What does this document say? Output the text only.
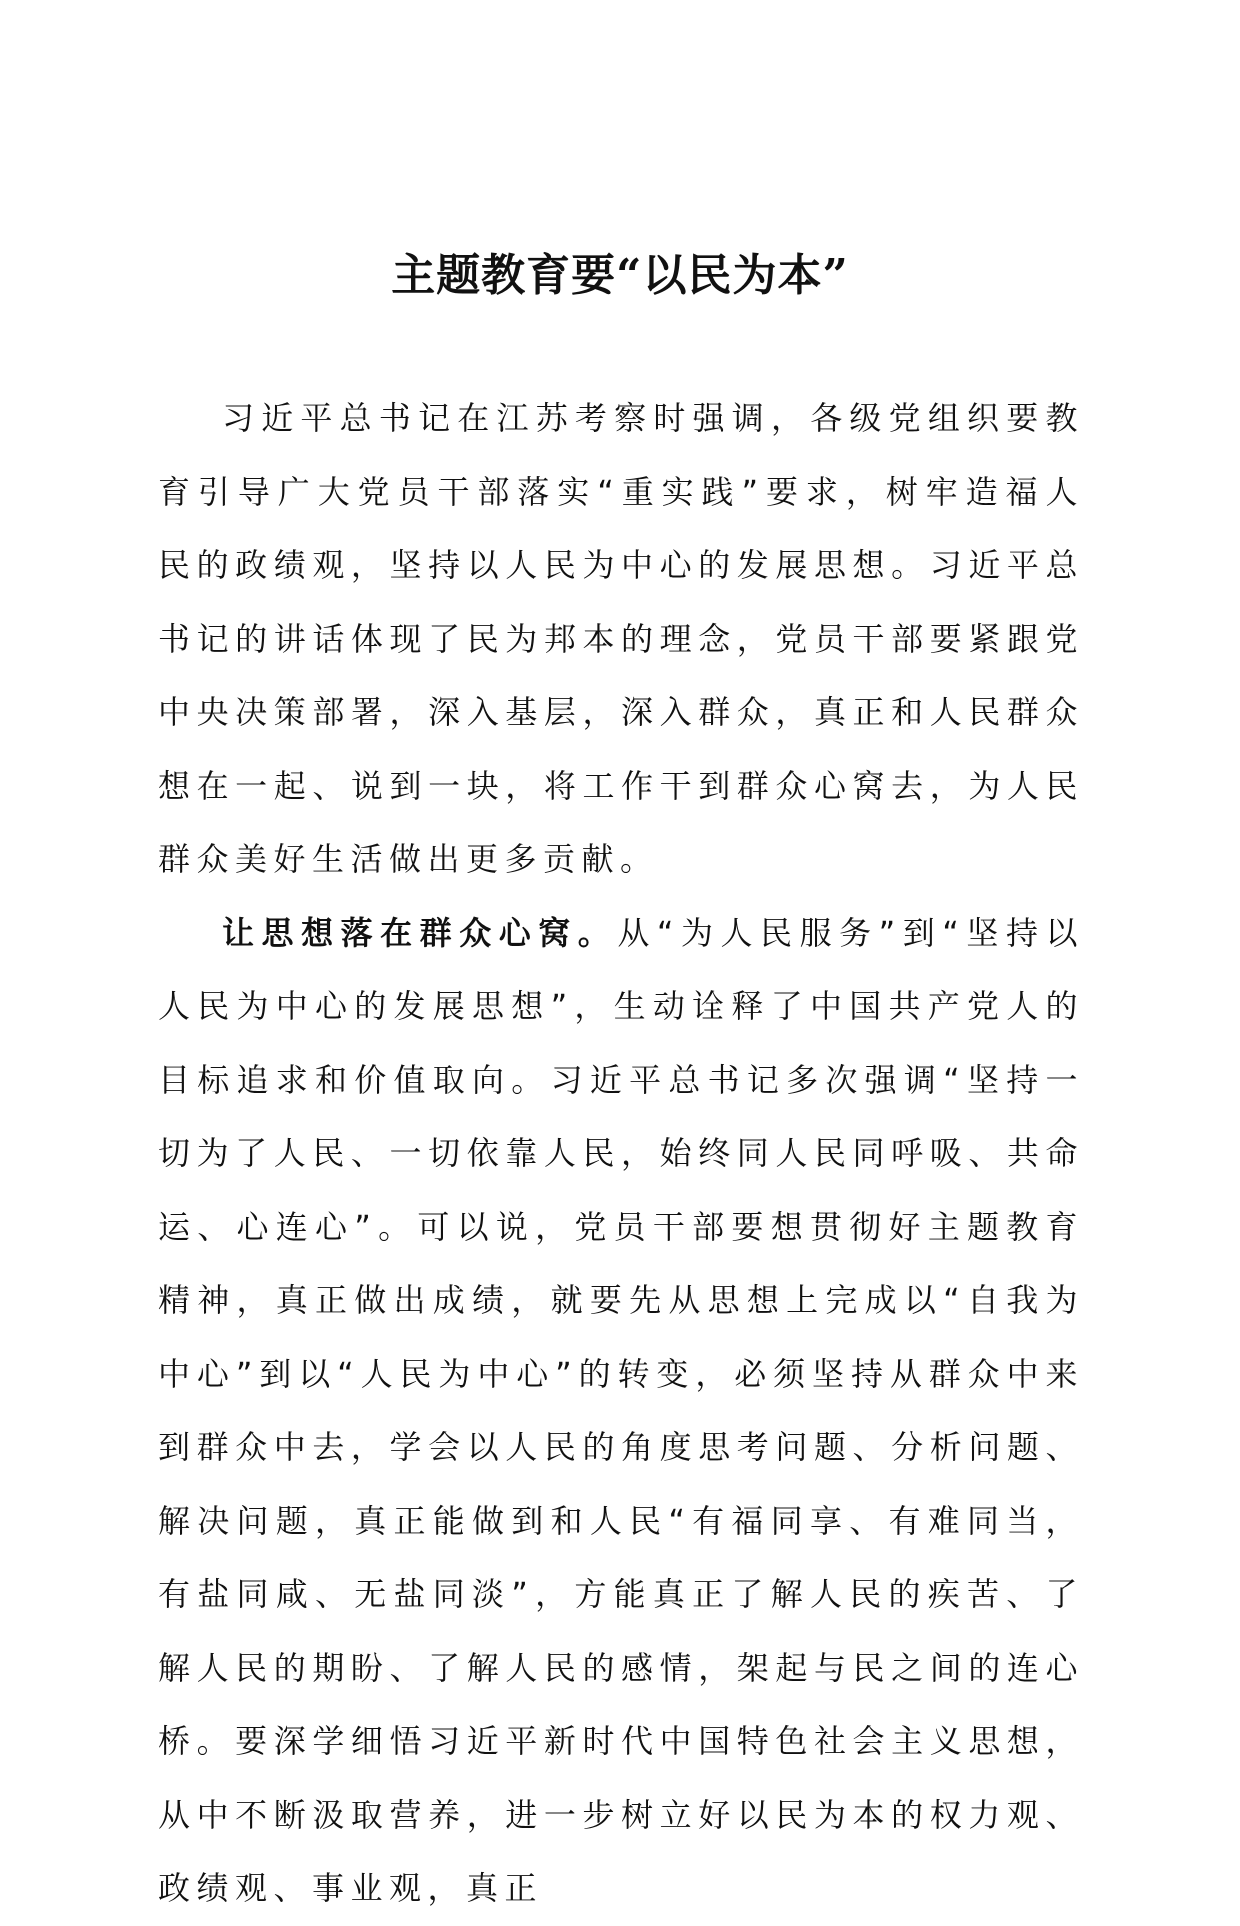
主题教育要“以民为本”

习近平总书记在江苏考察时强调，各级党组织要教育引导广大党员干部落实“重实践”要求，树牢造福人民的政绩观，坚持以人民为中心的发展思想。习近平总书记的讲话体现了民为邦本的理念，党员干部要紧跟党中央决策部署，深入基层，深入群众，真正和人民群众想在一起、说到一块，将工作干到群众心窝去，为人民群众美好生活做出更多贡献。

让思想落在群众心窝。从“为人民服务”到“坚持以人民为中心的发展思想”，生动诠释了中国共产党人的目标追求和价值取向。习近平总书记多次强调“坚持一切为了人民、一切依靠人民，始终同人民同呼吸、共命运、心连心”。可以说，党员干部要想贯彻好主题教育精神，真正做出成绩，就要先从思想上完成以“自我为中心”到以“人民为中心”的转变，必须坚持从群众中来到群众中去，学会以人民的角度思考问题、分析问题、解决问题，真正能做到和人民“有福同享、有难同当，有盐同咸、无盐同淡”，方能真正了解人民的疾苦、了解人民的期盼、了解人民的感情，架起与民之间的连心桥。要深学细悟习近平新时代中国特色社会主义思想，从中不断汲取营养，进一步树立好以民为本的权力观、政绩观、事业观，真正
